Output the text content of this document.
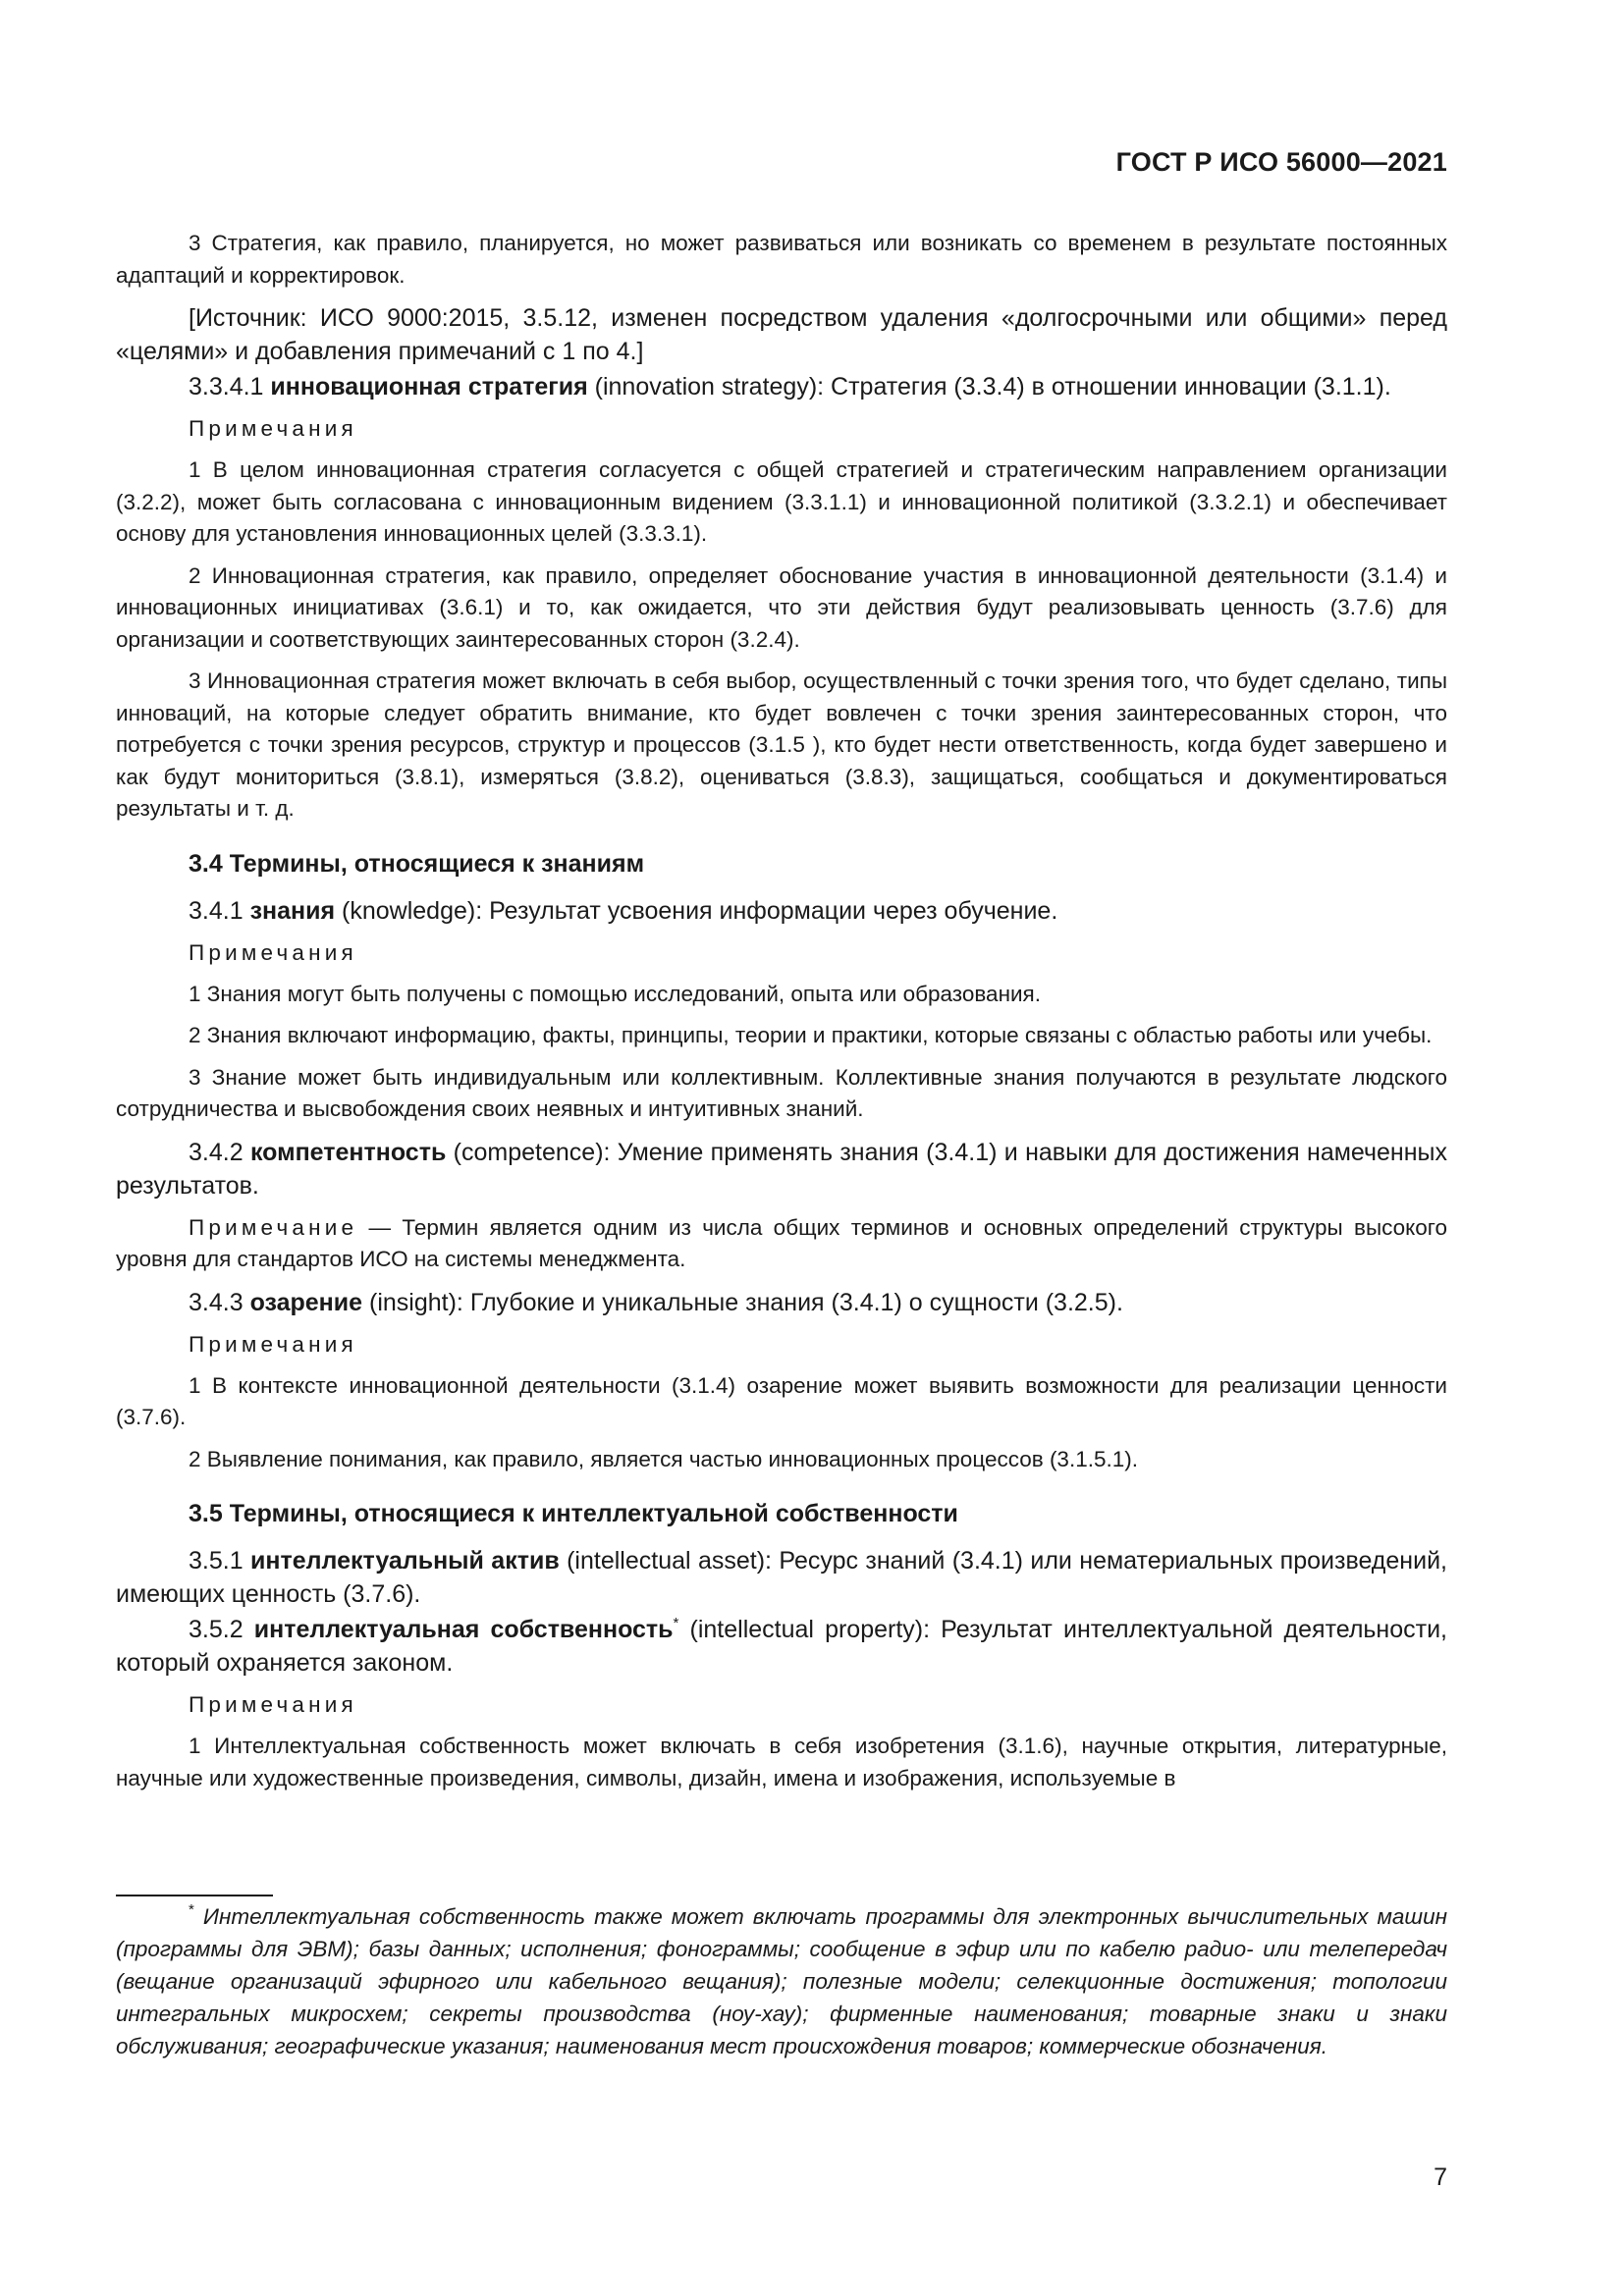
ГОСТ Р ИСО 56000—2021

3 Стратегия, как правило, планируется, но может развиваться или возникать со временем в результате постоянных адаптаций и корректировок.

[Источник: ИСО 9000:2015, 3.5.12, изменен посредством удаления «долгосрочными или общими» перед «целями» и добавления примечаний с 1 по 4.]

3.3.4.1 инновационная стратегия (innovation strategy): Стратегия (3.3.4) в отношении инновации (3.1.1).

Примечания

1 В целом инновационная стратегия согласуется с общей стратегией и стратегическим направлением организации (3.2.2), может быть согласована с инновационным видением (3.3.1.1) и инновационной политикой (3.3.2.1) и обеспечивает основу для установления инновационных целей (3.3.3.1).

2 Инновационная стратегия, как правило, определяет обоснование участия в инновационной деятельности (3.1.4) и инновационных инициативах (3.6.1) и то, как ожидается, что эти действия будут реализовывать ценность (3.7.6) для организации и соответствующих заинтересованных сторон (3.2.4).

3 Инновационная стратегия может включать в себя выбор, осуществленный с точки зрения того, что будет сделано, типы инноваций, на которые следует обратить внимание, кто будет вовлечен с точки зрения заинтересованных сторон, что потребуется с точки зрения ресурсов, структур и процессов (3.1.5 ), кто будет нести ответственность, когда будет завершено и как будут мониториться (3.8.1), измеряться (3.8.2), оцениваться (3.8.3), защищаться, сообщаться и документироваться результаты и т. д.

3.4 Термины, относящиеся к знаниям

3.4.1 знания (knowledge): Результат усвоения информации через обучение.

Примечания

1 Знания могут быть получены с помощью исследований, опыта или образования.

2 Знания включают информацию, факты, принципы, теории и практики, которые связаны с областью работы или учебы.

3 Знание может быть индивидуальным или коллективным. Коллективные знания получаются в результате людского сотрудничества и высвобождения своих неявных и интуитивных знаний.

3.4.2 компетентность (competence): Умение применять знания (3.4.1) и навыки для достижения намеченных результатов.

Примечание — Термин является одним из числа общих терминов и основных определений структуры высокого уровня для стандартов ИСО на системы менеджмента.

3.4.3 озарение (insight): Глубокие и уникальные знания (3.4.1) о сущности (3.2.5).

Примечания

1 В контексте инновационной деятельности (3.1.4) озарение может выявить возможности для реализации ценности (3.7.6).

2 Выявление понимания, как правило, является частью инновационных процессов (3.1.5.1).

3.5 Термины, относящиеся к интеллектуальной собственности

3.5.1 интеллектуальный актив (intellectual asset): Ресурс знаний (3.4.1) или нематериальных произведений, имеющих ценность (3.7.6).

3.5.2 интеллектуальная собственность* (intellectual property): Результат интеллектуальной деятельности, который охраняется законом.

Примечания

1 Интеллектуальная собственность может включать в себя изобретения (3.1.6), научные открытия, литературные, научные или художественные произведения, символы, дизайн, имена и изображения, используемые в

* Интеллектуальная собственность также может включать программы для электронных вычислительных машин (программы для ЭВМ); базы данных; исполнения; фонограммы; сообщение в эфир или по кабелю радио- или телепередач (вещание организаций эфирного или кабельного вещания); полезные модели; селекционные достижения; топологии интегральных микросхем; секреты производства (ноу-хау); фирменные наименования; товарные знаки и знаки обслуживания; географические указания; наименования мест происхождения товаров; коммерческие обозначения.

7
